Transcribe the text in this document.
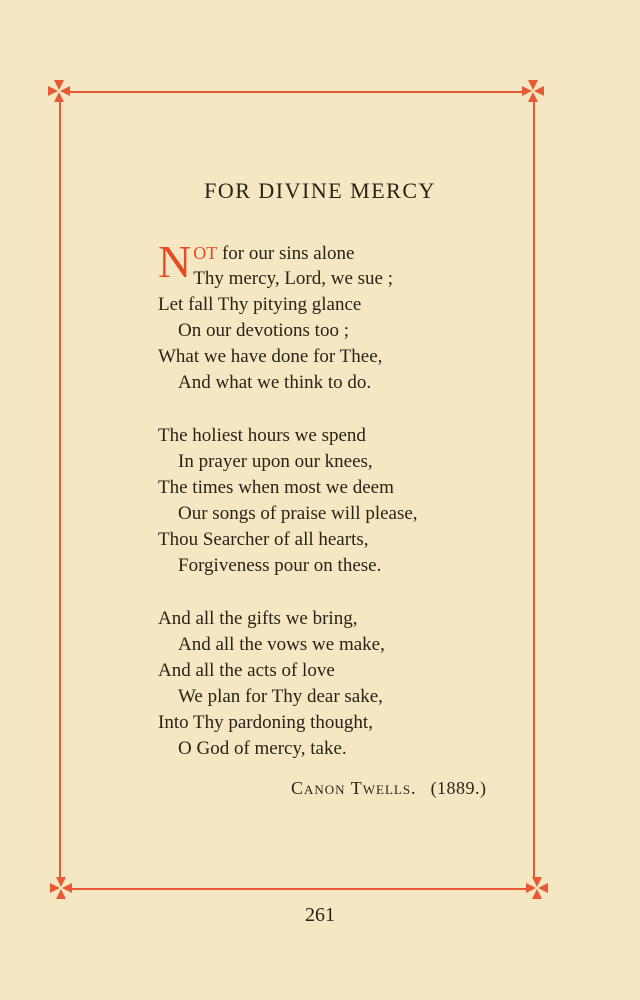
FOR DIVINE MERCY
N OT for our sins alone
Thy mercy, Lord, we sue ;
Let fall Thy pitying glance
On our devotions too ;
What we have done for Thee,
And what we think to do.
The holiest hours we spend
In prayer upon our knees,
The times when most we deem
Our songs of praise will please,
Thou Searcher of all hearts,
Forgiveness pour on these.
And all the gifts we bring,
And all the vows we make,
And all the acts of love
We plan for Thy dear sake,
Into Thy pardoning thought,
O God of mercy, take.
Canon Twells. (1889.)
261
